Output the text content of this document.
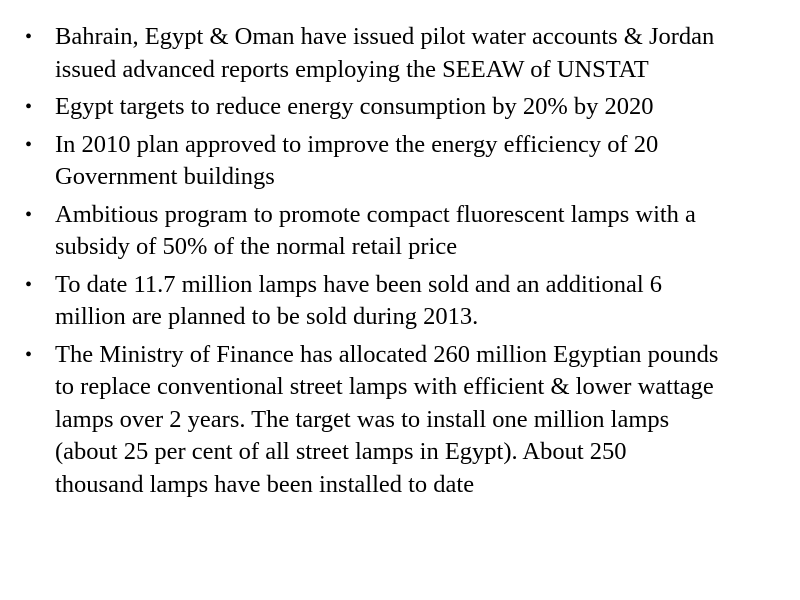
• Bahrain, Egypt & Oman have issued pilot water accounts & Jordan
issued advanced reports employing the SEEAW of UNSTAT
• Egypt targets to reduce energy consumption by 20% by 2020
• In 2010 plan approved to improve the energy efficiency of 20
Government buildings
• Ambitious program to promote compact fluorescent lamps with a
subsidy of 50% of the normal retail price
• To date 11.7 million lamps have been sold and an additional 6
million are planned to be sold during 2013.
• The Ministry of Finance has allocated 260 million Egyptian pounds
to replace conventional street lamps with efficient & lower wattage
lamps over 2 years. The target was to install one million lamps
(about 25 per cent of all street lamps in Egypt). About 250
thousand lamps have been installed to date
